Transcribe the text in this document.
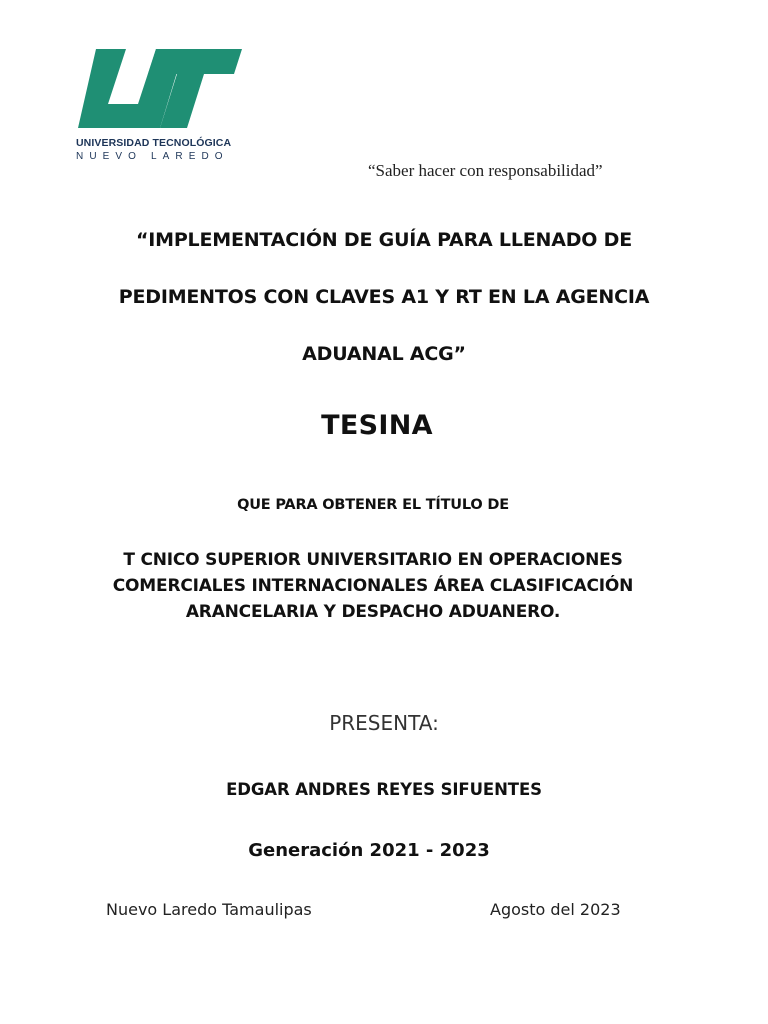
UNIVERSIDAD TECNOLÓGICA
NUEVO LAREDO
“Saber hacer con responsabilidad”
“IMPLEMENTACIÓN DE GUÍA PARA LLENADO DE
PEDIMENTOS CON CLAVES A1 Y RT EN LA AGENCIA
ADUANAL ACG”
TESINA
QUE PARA OBTENER EL TÍTULO DE
T CNICO SUPERIOR UNIVERSITARIO EN OPERACIONES
COMERCIALES INTERNACIONALES ÁREA CLASIFICACIÓN
ARANCELARIA Y DESPACHO ADUANERO.
PRESENTA:
EDGAR ANDRES REYES SIFUENTES
Generación 2021 - 2023
Nuevo Laredo Tamaulipas	Agosto del 2023
